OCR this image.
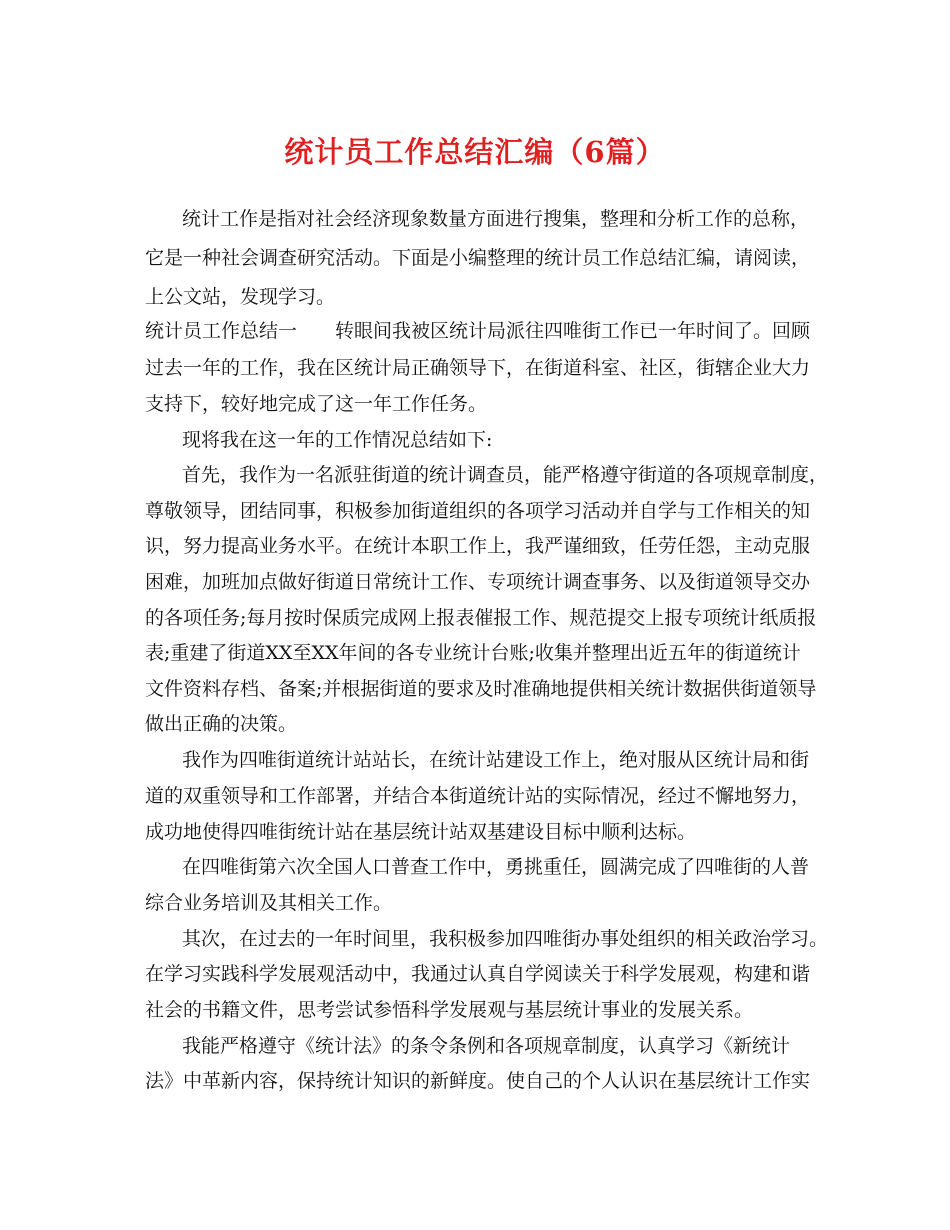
统计员工作总结汇编（6篇）

统计工作是指对社会经济现象数量方面进行搜集，整理和分析工作的总称，

它是一种社会调查研究活动。下面是小编整理的统计员工作总结汇编，请阅读，

上公文站，发现学习。

统计员工作总结一　　转眼间我被区统计局派往四唯街工作已一年时间了。回顾

过去一年的工作，我在区统计局正确领导下，在街道科室、社区，街辖企业大力

支持下，较好地完成了这一年工作任务。

现将我在这一年的工作情况总结如下:

首先，我作为一名派驻街道的统计调查员，能严格遵守街道的各项规章制度，

尊敬领导，团结同事，积极参加街道组织的各项学习活动并自学与工作相关的知

识，努力提高业务水平。在统计本职工作上，我严谨细致，任劳任怨，主动克服

困难，加班加点做好街道日常统计工作、专项统计调查事务、以及街道领导交办

的各项任务;每月按时保质完成网上报表催报工作、规范提交上报专项统计纸质报

表;重建了街道XX至XX年间的各专业统计台账;收集并整理出近五年的街道统计

文件资料存档、备案;并根据街道的要求及时准确地提供相关统计数据供街道领导

做出正确的决策。

我作为四唯街道统计站站长，在统计站建设工作上，绝对服从区统计局和街

道的双重领导和工作部署，并结合本街道统计站的实际情况，经过不懈地努力，

成功地使得四唯街统计站在基层统计站双基建设目标中顺利达标。

在四唯街第六次全国人口普查工作中，勇挑重任，圆满完成了四唯街的人普

综合业务培训及其相关工作。

其次，在过去的一年时间里，我积极参加四唯街办事处组织的相关政治学习。

在学习实践科学发展观活动中，我通过认真自学阅读关于科学发展观，构建和谐

社会的书籍文件，思考尝试参悟科学发展观与基层统计事业的发展关系。

我能严格遵守《统计法》的条令条例和各项规章制度，认真学习《新统计

法》中革新内容，保持统计知识的新鲜度。使自己的个人认识在基层统计工作实
